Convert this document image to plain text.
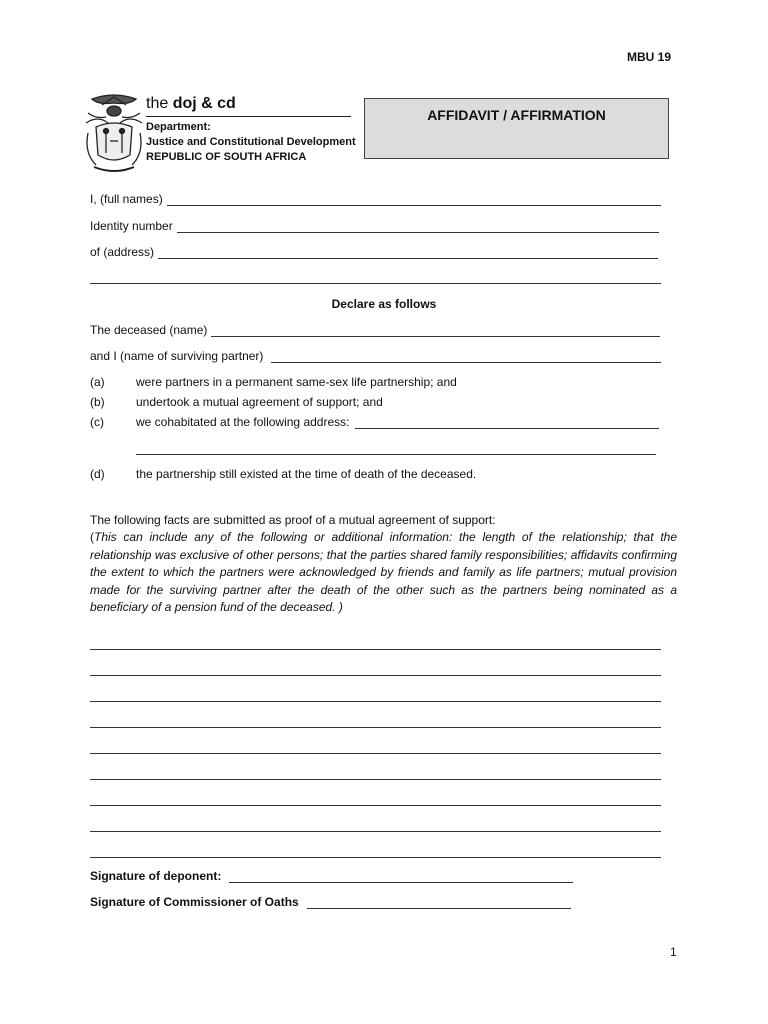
MBU 19
the doj & cd
Department:
Justice and Constitutional Development
REPUBLIC OF SOUTH AFRICA
AFFIDAVIT / AFFIRMATION
I, (full names)
Identity number
of (address)
Declare as follows
The deceased (name)
and I (name of surviving partner)
(a)	were partners in a permanent same-sex life partnership; and
(b)	undertook a mutual agreement of support; and
(c)	we cohabitated at the following address:
(d)	the partnership still existed at the time of death of the deceased.
The following facts are submitted as proof of a mutual agreement of support:
(This can include any of the following or additional information: the length of the relationship; that the relationship was exclusive of other persons; that the parties shared family responsibilities; affidavits confirming the extent to which the partners were acknowledged by friends and family as life partners; mutual provision made for the surviving partner after the death of the other such as the partners being nominated as a beneficiary of a pension fund of the deceased. )
Signature of deponent:
Signature of Commissioner of Oaths
1
